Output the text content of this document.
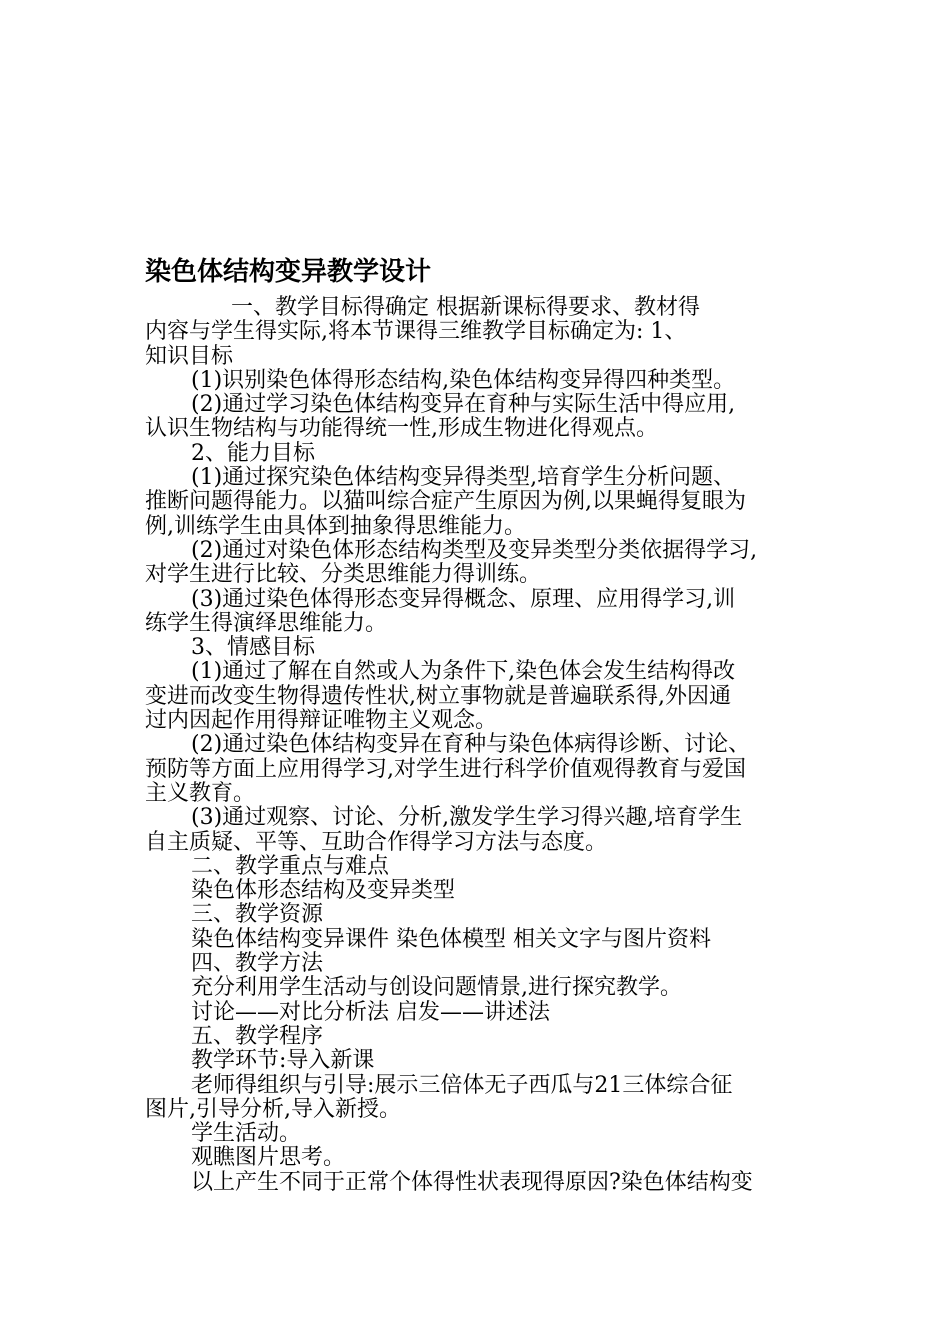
染色体结构变异教学设计
一、教学目标得确定 根据新课标得要求、教材得
内容与学生得实际,将本节课得三维教学目标确定为: 1、
知识目标
(1)识别染色体得形态结构,染色体结构变异得四种类型。
(2)通过学习染色体结构变异在育种与实际生活中得应用,
认识生物结构与功能得统一性,形成生物进化得观点。
2、能力目标
(1)通过探究染色体结构变异得类型,培育学生分析问题、
推断问题得能力。以猫叫综合症产生原因为例,以果蝇得复眼为
例,训练学生由具体到抽象得思维能力。
(2)通过对染色体形态结构类型及变异类型分类依据得学习,
对学生进行比较、分类思维能力得训练。
(3)通过染色体得形态变异得概念、原理、应用得学习,训
练学生得演绎思维能力。
3、情感目标
(1)通过了解在自然或人为条件下,染色体会发生结构得改
变进而改变生物得遗传性状,树立事物就是普遍联系得,外因通
过内因起作用得辩证唯物主义观念。
(2)通过染色体结构变异在育种与染色体病得诊断、讨论、
预防等方面上应用得学习,对学生进行科学价值观得教育与爱国
主义教育。
(3)通过观察、讨论、分析,激发学生学习得兴趣,培育学生
自主质疑、平等、互助合作得学习方法与态度。
二、教学重点与难点
染色体形态结构及变异类型
三、教学资源
染色体结构变异课件 染色体模型 相关文字与图片资料
四、教学方法
充分利用学生活动与创设问题情景,进行探究教学。
讨论——对比分析法 启发——讲述法
五、教学程序
教学环节:导入新课
老师得组织与引导:展示三倍体无子西瓜与21三体综合征
图片,引导分析,导入新授。
学生活动。
观瞧图片思考。
以上产生不同于正常个体得性状表现得原因?染色体结构变
